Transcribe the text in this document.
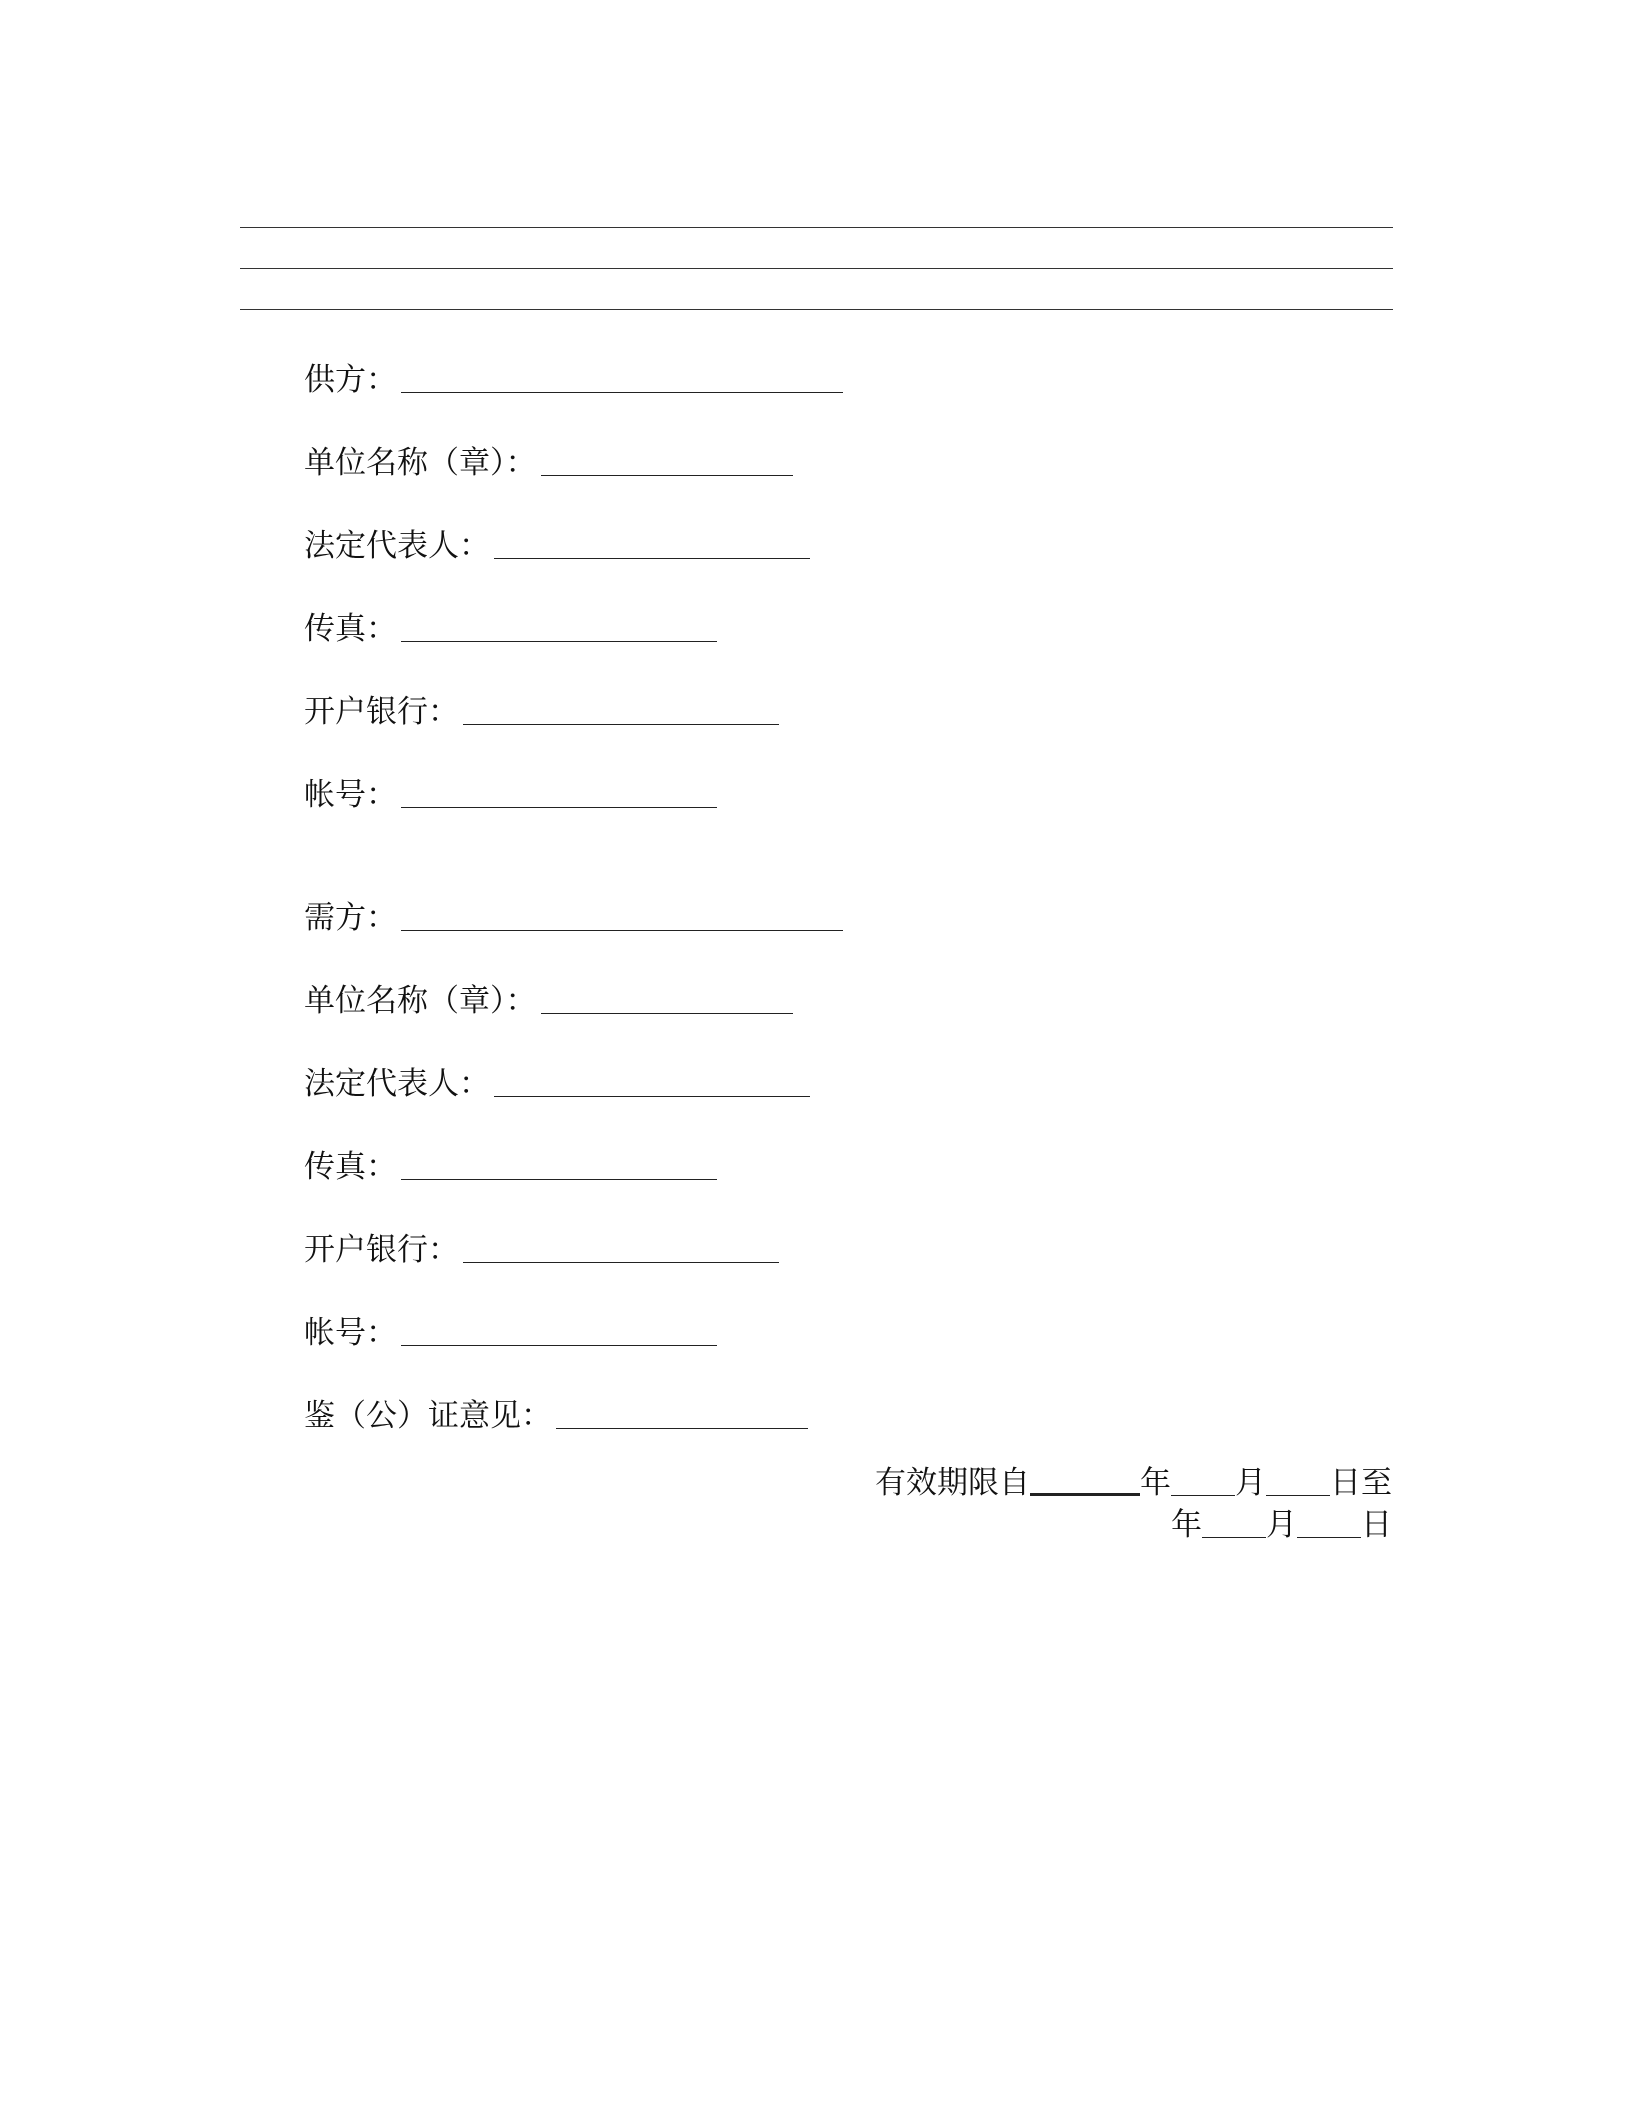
供方：
单位名称（章）：
法定代表人：
传真：
开户银行：
帐号：
需方：
单位名称（章）：
法定代表人：
传真：
开户银行：
帐号：
鉴（公）证意见：
有效期限自	年 月 日至
年 月 日
